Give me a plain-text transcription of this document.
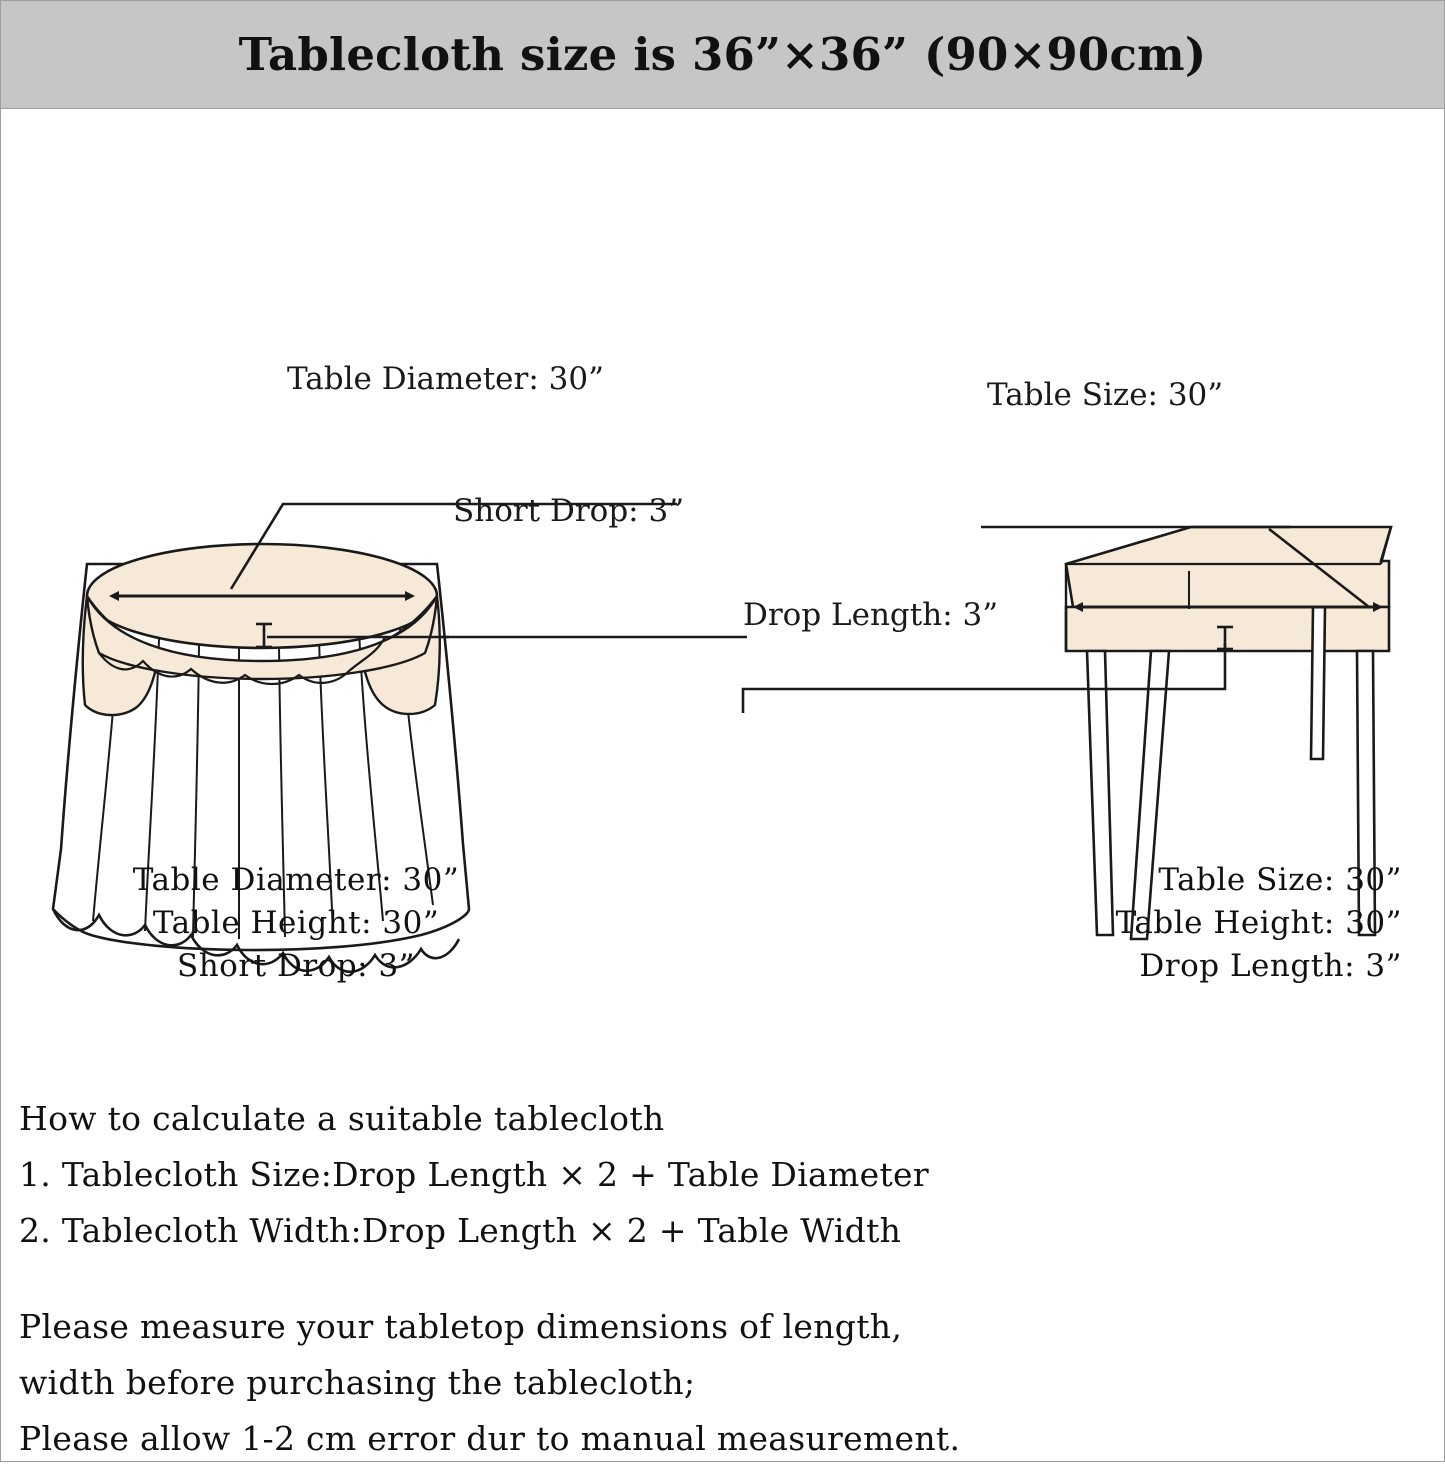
Tablecloth size is 36”×36” (90×90cm)
Table Diameter: 30”
Short Drop: 3”
Table Size: 30”
Drop Length: 3”
Table Diameter: 30”
Table Height: 30”
Short Drop: 3”
Table Size: 30”
Table Height: 30”
Drop Length: 3”
How to calculate a suitable tablecloth
1. Tablecloth Size:Drop Length × 2 + Table Diameter
2. Tablecloth Width:Drop Length × 2 + Table Width
Please measure your tabletop dimensions of length,
width before purchasing the tablecloth;
Please allow 1-2 cm error dur to manual measurement.
